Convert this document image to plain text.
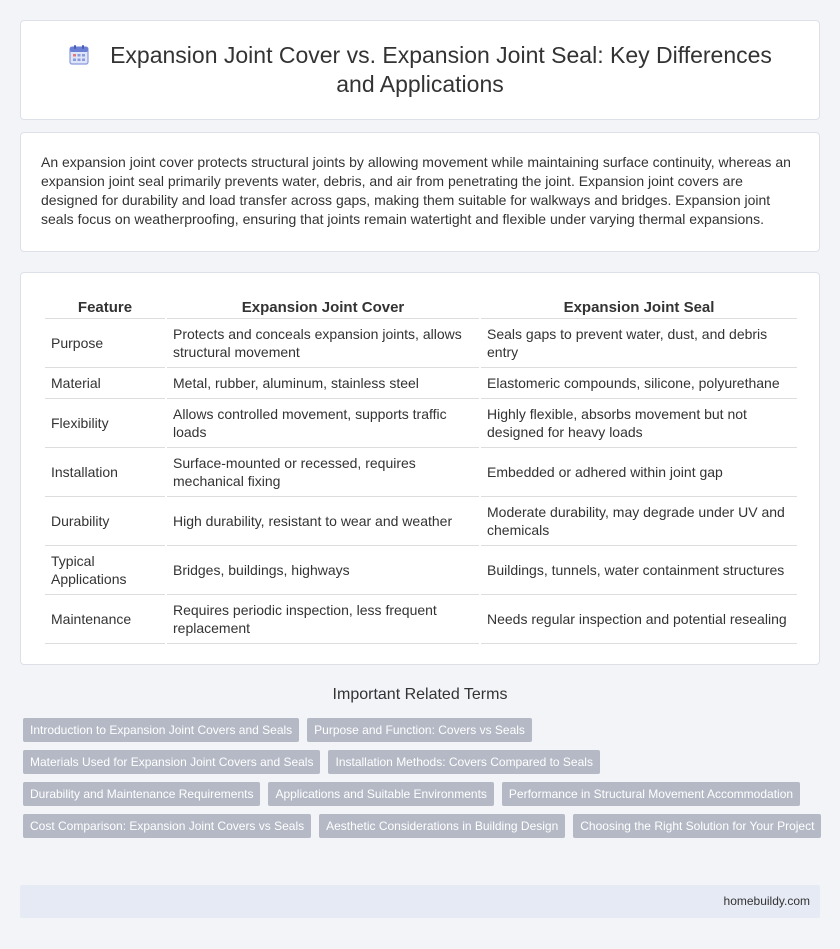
Expansion Joint Cover vs. Expansion Joint Seal: Key Differences and Applications

An expansion joint cover protects structural joints by allowing movement while maintaining surface continuity, whereas an expansion joint seal primarily prevents water, debris, and air from penetrating the joint. Expansion joint covers are designed for durability and load transfer across gaps, making them suitable for walkways and bridges. Expansion joint seals focus on weatherproofing, ensuring that joints remain watertight and flexible under varying thermal expansions.

Feature	Expansion Joint Cover	Expansion Joint Seal
Purpose	Protects and conceals expansion joints, allows structural movement	Seals gaps to prevent water, dust, and debris entry
Material	Metal, rubber, aluminum, stainless steel	Elastomeric compounds, silicone, polyurethane
Flexibility	Allows controlled movement, supports traffic loads	Highly flexible, absorbs movement but not designed for heavy loads
Installation	Surface-mounted or recessed, requires mechanical fixing	Embedded or adhered within joint gap
Durability	High durability, resistant to wear and weather	Moderate durability, may degrade under UV and chemicals
Typical Applications	Bridges, buildings, highways	Buildings, tunnels, water containment structures
Maintenance	Requires periodic inspection, less frequent replacement	Needs regular inspection and potential resealing
Important Related Terms
Introduction to Expansion Joint Covers and Seals	Purpose and Function: Covers vs Seals
Materials Used for Expansion Joint Covers and Seals	Installation Methods: Covers Compared to Seals
Durability and Maintenance Requirements	Applications and Suitable Environments	Performance in Structural Movement Accommodation
Cost Comparison: Expansion Joint Covers vs Seals	Aesthetic Considerations in Building Design	Choosing the Right Solution for Your Project
homebuildy.com
